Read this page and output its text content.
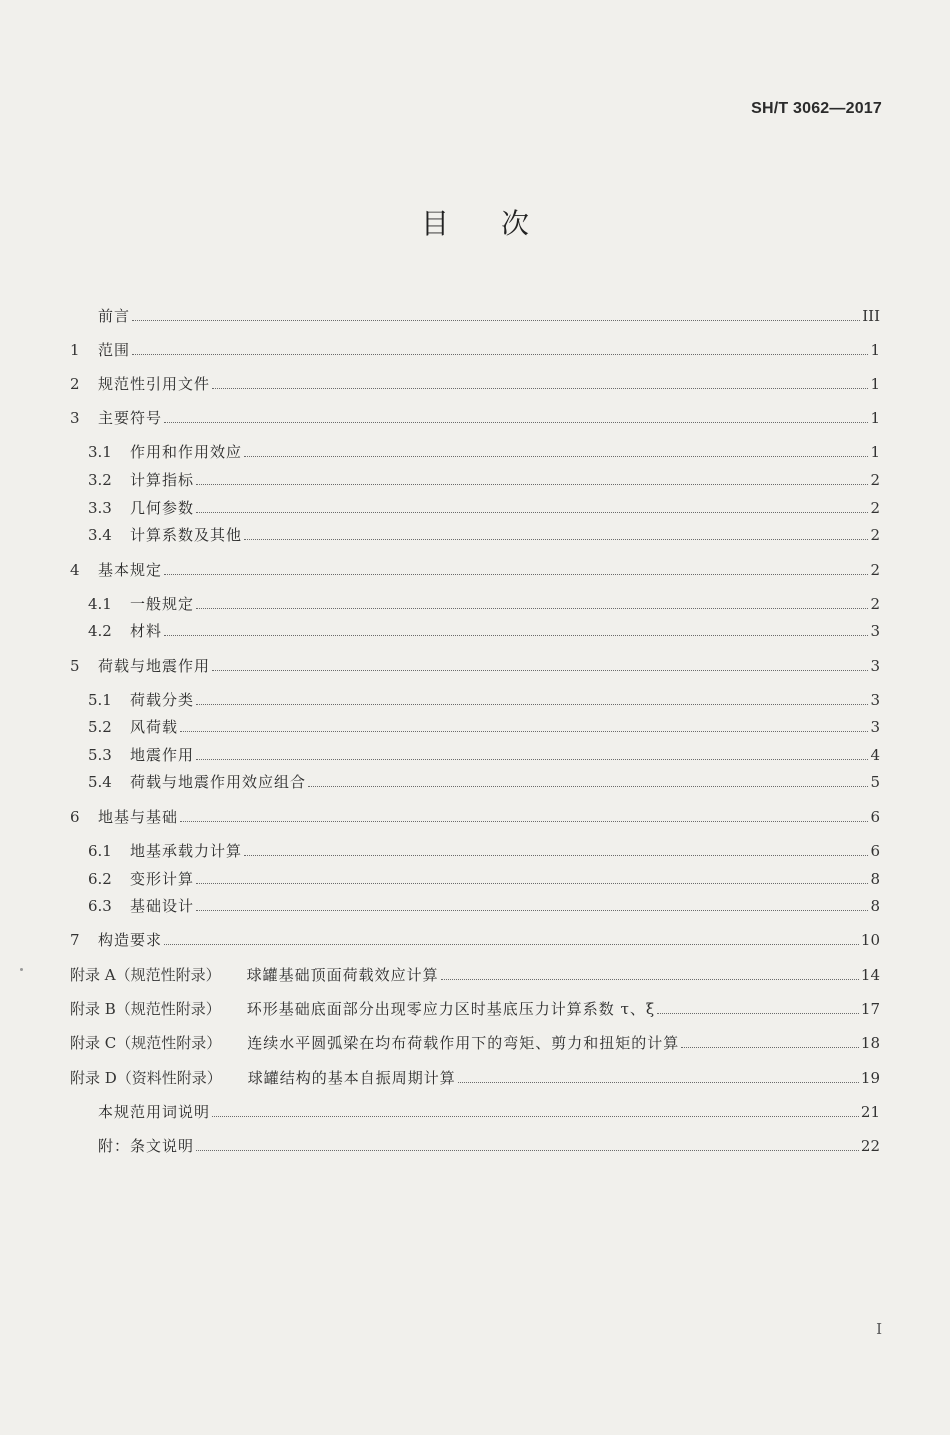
SH/T 3062—2017
目次
前言	III
1	范围	1
2	规范性引用文件	1
3	主要符号	1
3.1	作用和作用效应	1
3.2	计算指标	2
3.3	几何参数	2
3.4	计算系数及其他	2
4	基本规定	2
4.1	一般规定	2
4.2	材料	3
5	荷载与地震作用	3
5.1	荷载分类	3
5.2	风荷载	3
5.3	地震作用	4
5.4	荷载与地震作用效应组合	5
6	地基与基础	6
6.1	地基承载力计算	6
6.2	变形计算	8
6.3	基础设计	8
7	构造要求	10
附录 A（规范性附录） 球罐基础顶面荷载效应计算	14
附录 B（规范性附录） 环形基础底面部分出现零应力区时基底压力计算系数 τ、ξ	17
附录 C（规范性附录） 连续水平圆弧梁在均布荷载作用下的弯矩、剪力和扭矩的计算	18
附录 D（资料性附录） 球罐结构的基本自振周期计算	19
本规范用词说明	21
附：条文说明	22
I
